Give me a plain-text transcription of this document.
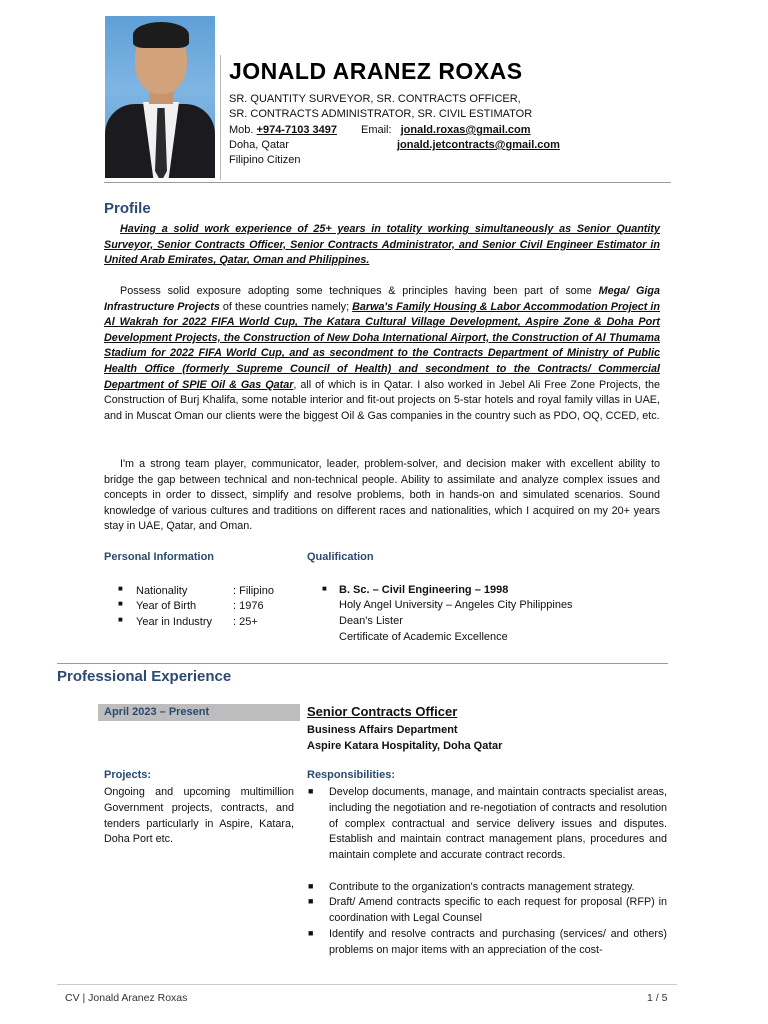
JONALD ARANEZ ROXAS
SR. QUANTITY SURVEYOR, SR. CONTRACTS OFFICER,
SR. CONTRACTS ADMINISTRATOR, SR. CIVIL ESTIMATOR
Mob. +974-7103 3497 Email: jonald.roxas@gmail.com
Doha, Qatar	jonald.jetcontracts@gmail.com
Filipino Citizen
Profile
Having a solid work experience of 25+ years in totality working simultaneously as Senior Quantity Surveyor, Senior Contracts Officer, Senior Contracts Administrator, and Senior Civil Engineer Estimator in United Arab Emirates, Qatar, Oman and Philippines.
Possess solid exposure adopting some techniques & principles having been part of some Mega/ Giga Infrastructure Projects of these countries namely; Barwa's Family Housing & Labor Accommodation Project in Al Wakrah for 2022 FIFA World Cup, The Katara Cultural Village Development, Aspire Zone & Doha Port Development Projects, the Construction of New Doha International Airport, the Construction of Al Thumama Stadium for 2022 FIFA World Cup, and as secondment to the Contracts Department of Ministry of Public Health Office (formerly Supreme Council of Health) and secondment to the Contracts/ Commercial Department of SPIE Oil & Gas Qatar, all of which is in Qatar. I also worked in Jebel Ali Free Zone Projects, the Construction of Burj Khalifa, some notable interior and fit-out projects on 5-star hotels and royal family villas in UAE, and in Muscat Oman our clients were the biggest Oil & Gas companies in the country such as PDO, OQ, CCED, etc.
I'm a strong team player, communicator, leader, problem-solver, and decision maker with excellent ability to bridge the gap between technical and non-technical people. Ability to assimilate and analyze complex issues and concepts in order to dissect, simplify and resolve problems, both in hands-on and simulated scenarios. Sound knowledge of various cultures and traditions on different races and nationalities, which I acquired on my 20+ years stay in UAE, Qatar, and Oman.
Personal Information
■ Nationality	: Filipino
■ Year of Birth	: 1976
■ Year in Industry : 25+
Qualification
■ B. Sc. – Civil Engineering – 1998
Holy Angel University – Angeles City Philippines
Dean's Lister
Certificate of Academic Excellence
Professional Experience
April 2023 – Present	Senior Contracts Officer
Business Affairs Department
Aspire Katara Hospitality, Doha Qatar
Projects:
Ongoing and upcoming multimillion Government projects, contracts, and tenders particularly in Aspire, Katara, Doha Port etc.
Responsibilities:
■ Develop documents, manage, and maintain contracts specialist areas, including the negotiation and re-negotiation of contracts and resolution of complex contractual and service delivery issues and disputes. Establish and maintain contract management plans, procedures and maintain complete and accurate contract records.
■ Contribute to the organization's contracts management strategy.
■ Draft/ Amend contracts specific to each request for proposal (RFP) in coordination with Legal Counsel
■ Identify and resolve contracts and purchasing (services/ and others) problems on major items with an appreciation of the cost-
CV | Jonald Aranez Roxas	1 / 5
